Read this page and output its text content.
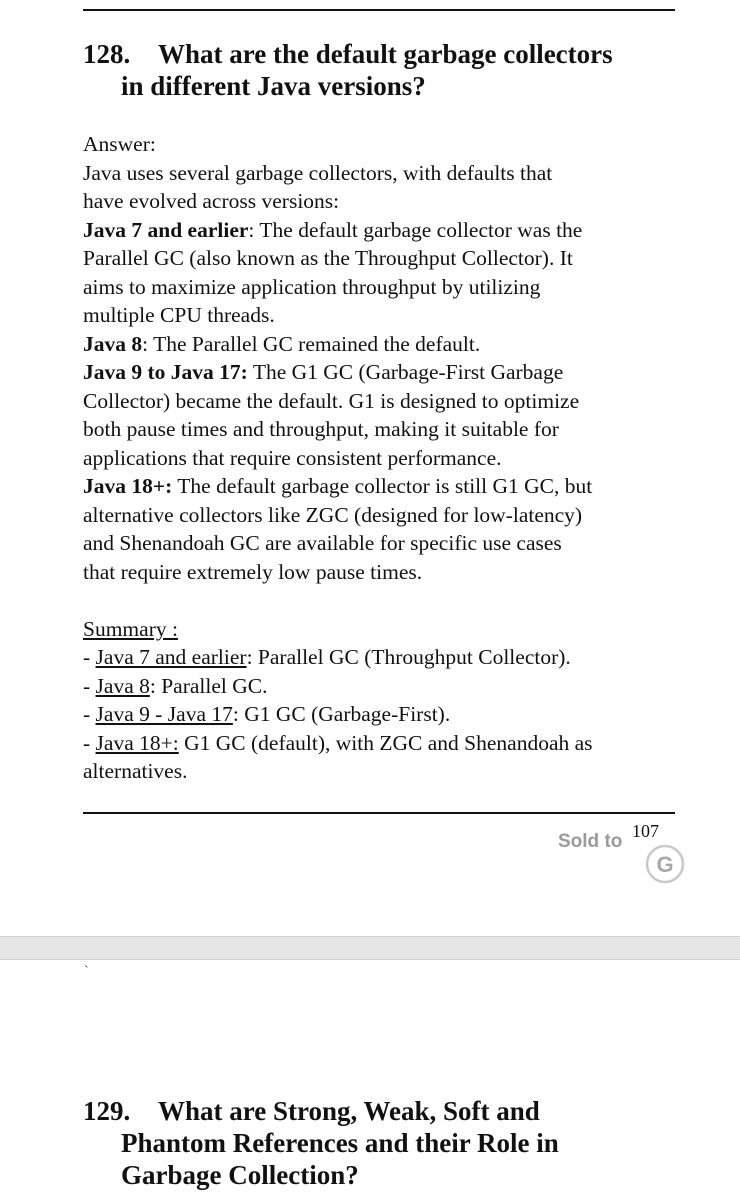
128. What are the default garbage collectors
in different Java versions?

Answer:

Java uses several garbage collectors, with defaults that

have evolved across versions:

Java 7 and earlier: The default garbage collector was the

Parallel GC (also known as the Throughput Collector). It

aims to maximize application throughput by utilizing

multiple CPU threads.

Java 8: The Parallel GC remained the default.

Java 9 to Java 17: The G1 GC (Garbage-First Garbage

Collector) became the default. G1 is designed to optimize

both pause times and throughput, making it suitable for

applications that require consistent performance.

Java 18+: The default garbage collector is still G1 GC, but

alternative collectors like ZGC (designed for low-latency)

and Shenandoah GC are available for specific use cases

that require extremely low pause times.

Summary :

- Java 7 and earlier: Parallel GC (Throughput Collector).

- Java 8: Parallel GC.

- Java 9 - Java 17: G1 GC (Garbage-First).

- Java 18+: G1 GC (default), with ZGC and Shenandoah as

alternatives.

Sold to 107
G
`
129. What are Strong, Weak, Soft and
Phantom References and their Role in
Garbage Collection?
